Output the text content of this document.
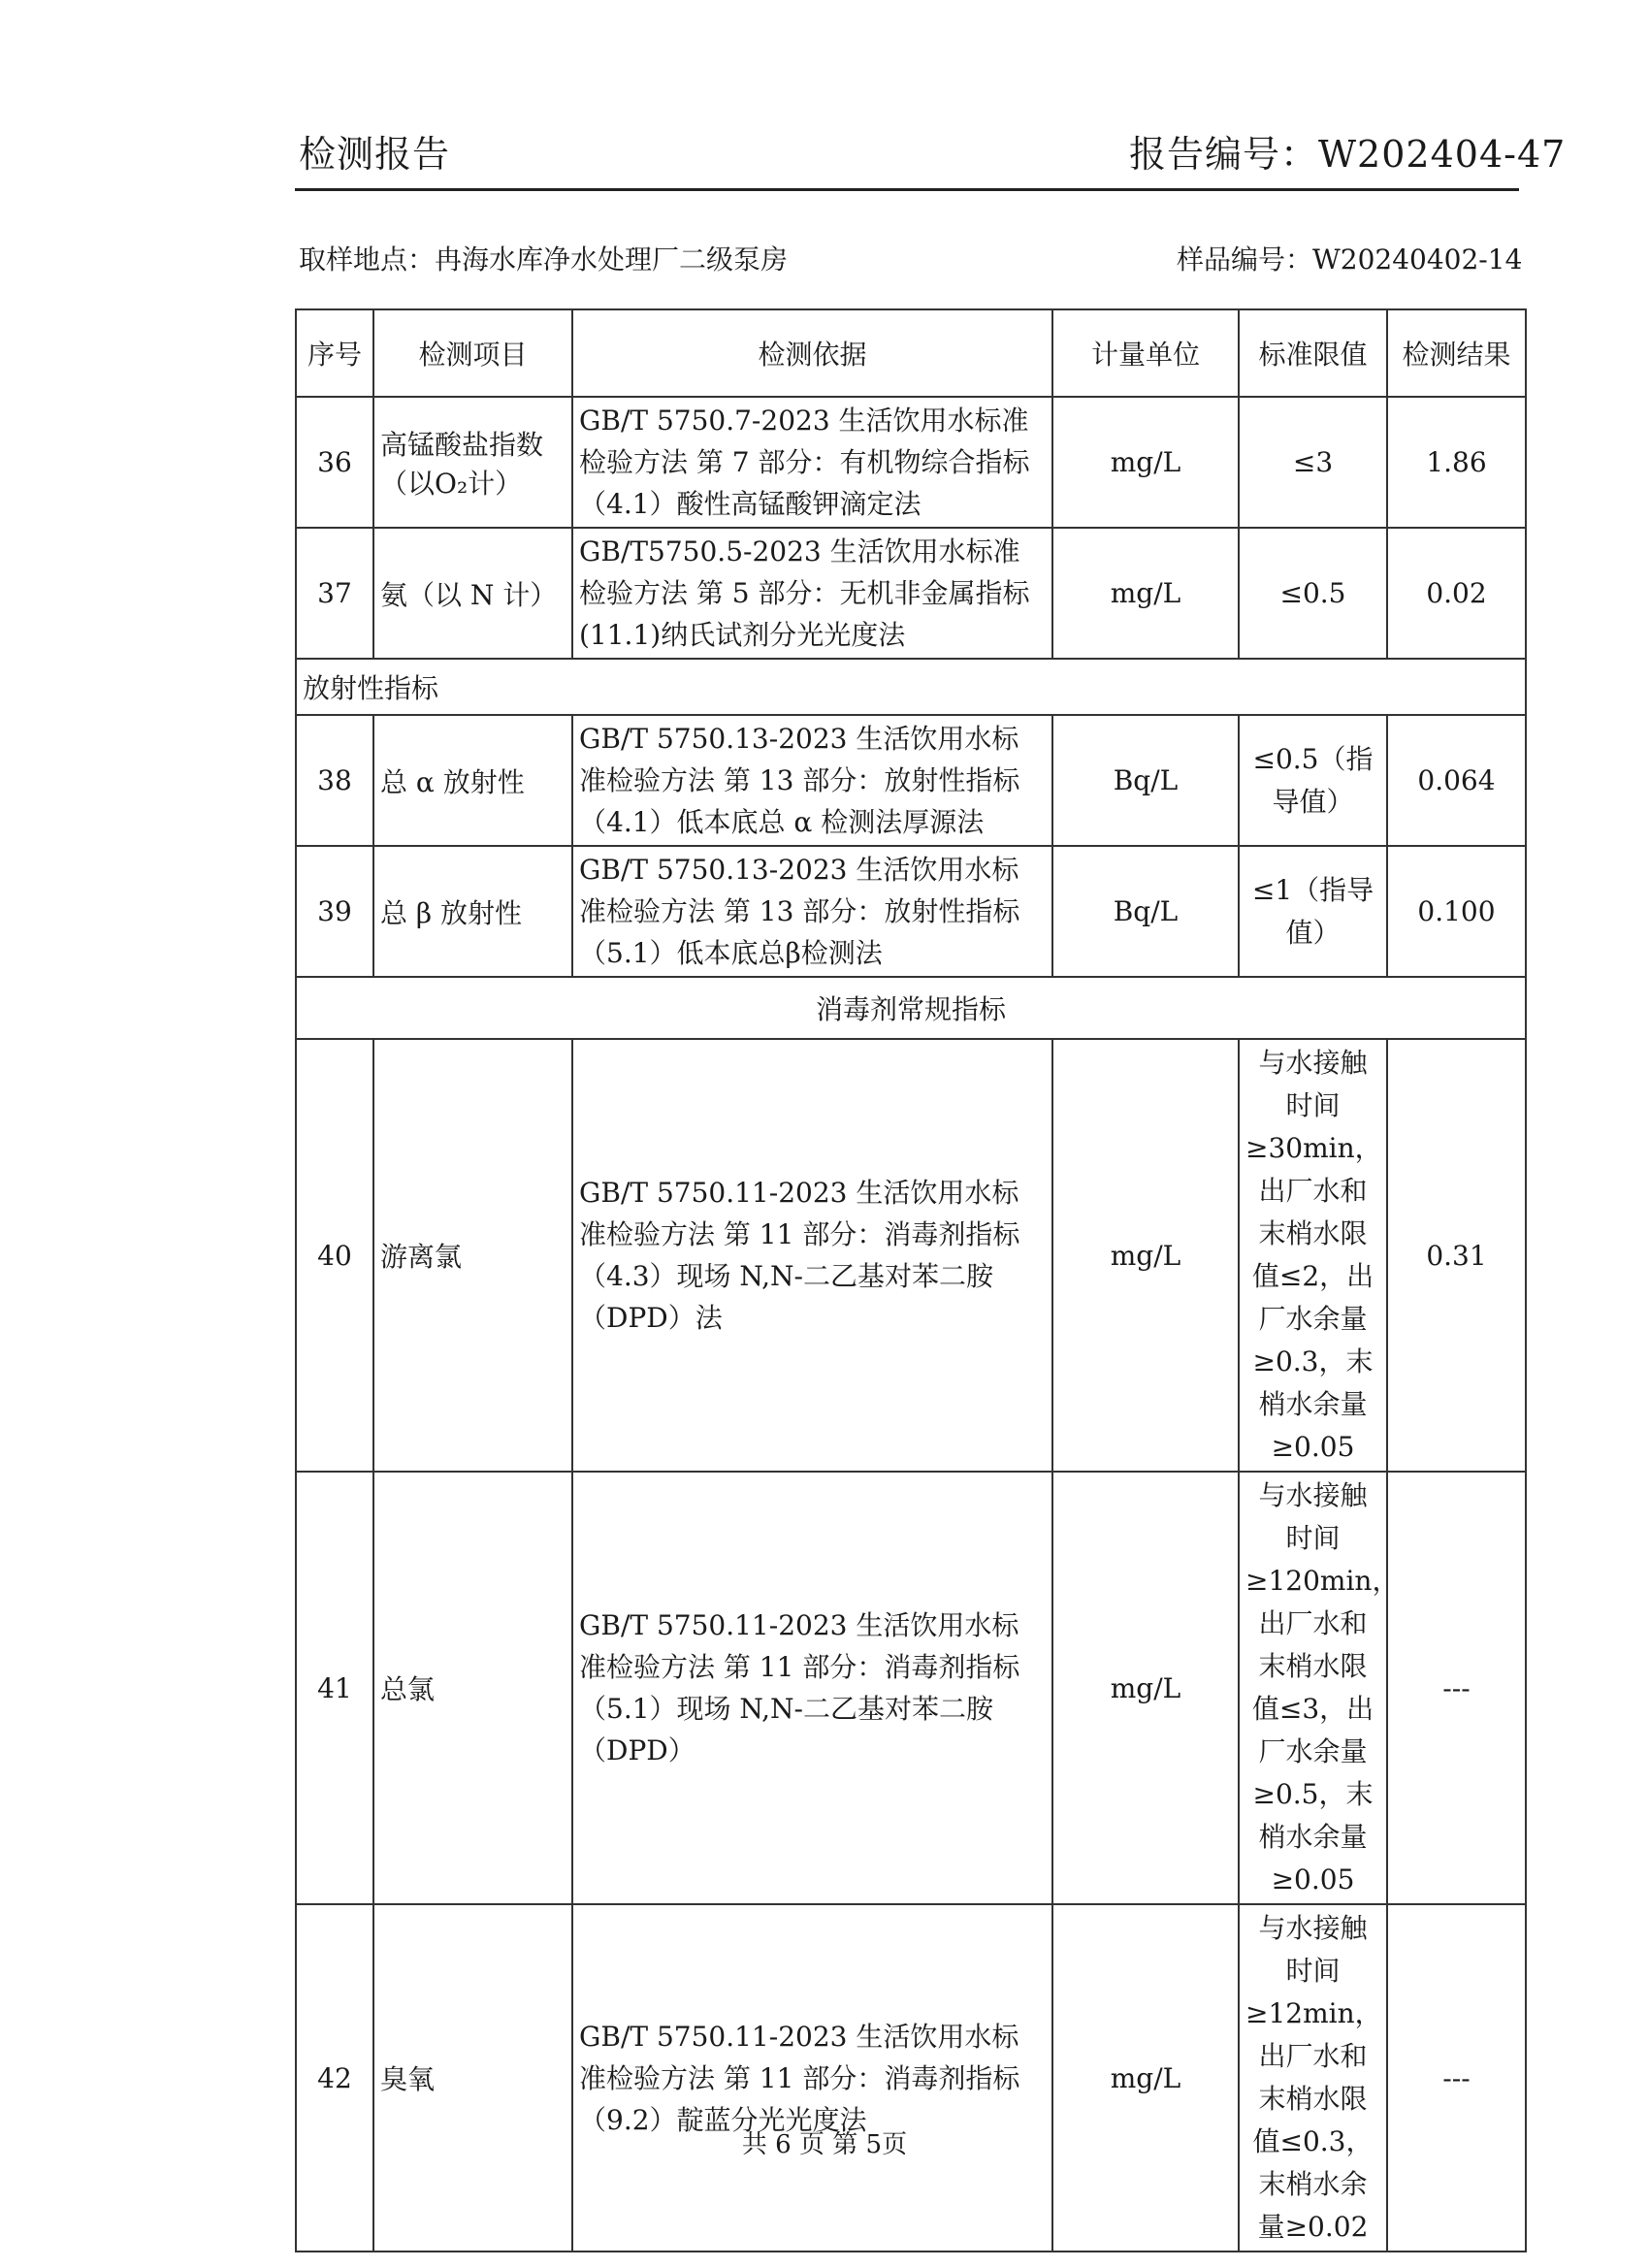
检测报告	报告编号：W202404-47
取样地点：冉海水库净水处理厂二级泵房	样品编号：W20240402-14
序号	检测项目	检测依据	计量单位	标准限值	检测结果
36	高锰酸盐指数（以O₂计）	GB/T 5750.7-2023 生活饮用水标准检验方法 第 7 部分：有机物综合指标（4.1）酸性高锰酸钾滴定法	mg/L	≤3	1.86
37	氨（以 N 计）	GB/T5750.5-2023 生活饮用水标准检验方法 第 5 部分：无机非金属指标(11.1)纳氏试剂分光光度法	mg/L	≤0.5	0.02
放射性指标					
38	总 α 放射性	GB/T 5750.13-2023 生活饮用水标准检验方法 第 13 部分：放射性指标（4.1）低本底总 α 检测法厚源法	Bq/L	≤0.5（指导值）	0.064
39	总 β 放射性	GB/T 5750.13-2023 生活饮用水标准检验方法 第 13 部分：放射性指标（5.1）低本底总β检测法	Bq/L	≤1（指导值）	0.100
消毒剂常规指标					
40	游离氯	GB/T 5750.11-2023 生活饮用水标准检验方法 第 11 部分：消毒剂指标（4.3）现场 N,N-二乙基对苯二胺（DPD）法	mg/L	与水接触时间≥30min，出厂水和末梢水限值≤2，出厂水余量≥0.3，末梢水余量≥0.05	0.31
41	总氯	GB/T 5750.11-2023 生活饮用水标准检验方法 第 11 部分：消毒剂指标（5.1）现场 N,N-二乙基对苯二胺（DPD）	mg/L	与水接触时间≥120min，出厂水和末梢水限值≤3，出厂水余量≥0.5，末梢水余量≥0.05	---
42	臭氧	GB/T 5750.11-2023 生活饮用水标准检验方法 第 11 部分：消毒剂指标（9.2）靛蓝分光光度法	mg/L	与水接触时间≥12min，出厂水和末梢水限值≤0.3，末梢水余量≥0.02	---
共 6 页 第 5页
